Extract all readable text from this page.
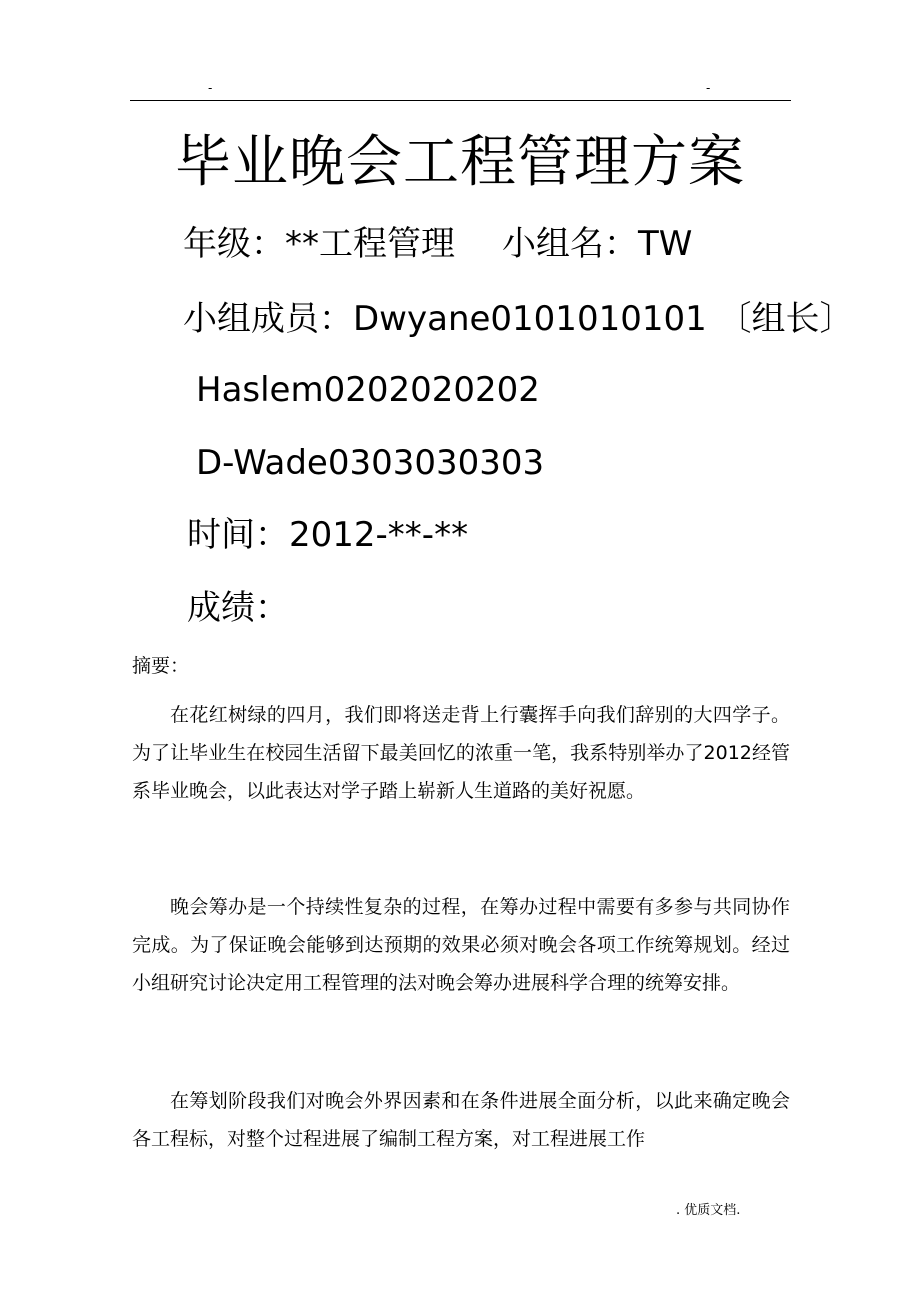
-	-
毕业晚会工程管理方案
年级：**工程管理 小组名：TW
小组成员：Dwyane0101010101 〔组长〕
Haslem0202020202
D-Wade0303030303
时间：2012-**-**
成绩：
摘要：

在花红树绿的四月，我们即将送走背上行囊挥手向我们辞别的大四学子。为了让毕业生在校园生活留下最美回忆的浓重一笔，我系特别举办了2012经管系毕业晚会，以此表达对学子踏上崭新人生道路的美好祝愿。

晚会筹办是一个持续性复杂的过程，在筹办过程中需要有多参与共同协作完成。为了保证晚会能够到达预期的效果必须对晚会各项工作统筹规划。经过小组研究讨论决定用工程管理的法对晚会筹办进展科学合理的统筹安排。

在筹划阶段我们对晚会外界因素和在条件进展全面分析，以此来确定晚会各工程标，对整个过程进展了编制工程方案，对工程进展工作

. 优质文档.
